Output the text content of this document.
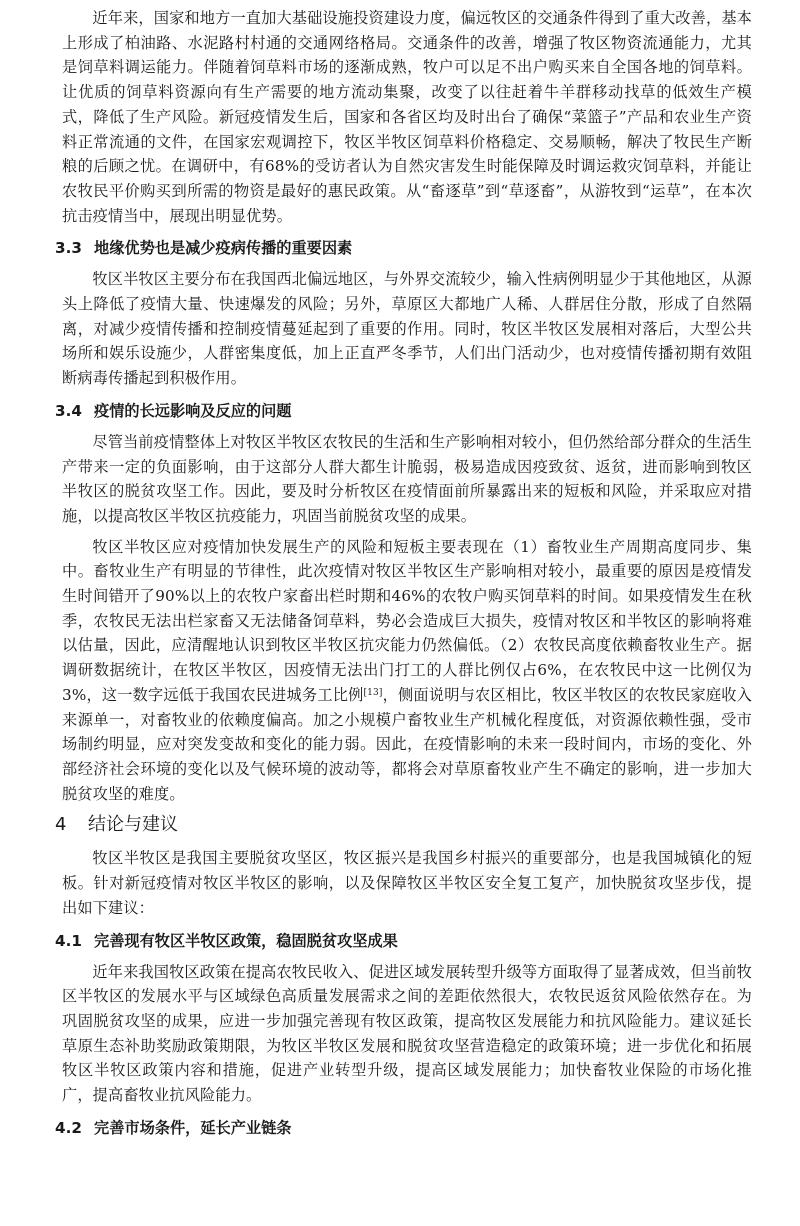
近年来，国家和地方一直加大基础设施投资建设力度，偏远牧区的交通条件得到了重大改善，基本上形成了柏油路、水泥路村村通的交通网络格局。交通条件的改善，增强了牧区物资流通能力，尤其是饲草料调运能力。伴随着饲草料市场的逐渐成熟，牧户可以足不出户购买来自全国各地的饲草料。让优质的饲草料资源向有生产需要的地方流动集聚，改变了以往赶着牛羊群移动找草的低效生产模式，降低了生产风险。新冠疫情发生后，国家和各省区均及时出台了确保“菜篮子”产品和农业生产资料正常流通的文件，在国家宏观调控下，牧区半牧区饲草料价格稳定、交易顺畅，解决了牧民生产断粮的后顾之忧。在调研中，有68%的受访者认为自然灾害发生时能保障及时调运救灾饲草料，并能让农牧民平价购买到所需的物资是最好的惠民政策。从“畜逐草”到“草逐畜”，从游牧到“运草”，在本次抗击疫情当中，展现出明显优势。

3.3 地缘优势也是减少疫病传播的重要因素

牧区半牧区主要分布在我国西北偏远地区，与外界交流较少，输入性病例明显少于其他地区，从源头上降低了疫情大量、快速爆发的风险；另外，草原区大都地广人稀、人群居住分散，形成了自然隔离，对减少疫情传播和控制疫情蔓延起到了重要的作用。同时，牧区半牧区发展相对落后，大型公共场所和娱乐设施少，人群密集度低，加上正直严冬季节，人们出门活动少，也对疫情传播初期有效阻断病毒传播起到积极作用。

3.4 疫情的长远影响及反应的问题

尽管当前疫情整体上对牧区半牧区农牧民的生活和生产影响相对较小，但仍然给部分群众的生活生产带来一定的负面影响，由于这部分人群大都生计脆弱，极易造成因疫致贫、返贫，进而影响到牧区半牧区的脱贫攻坚工作。因此，要及时分析牧区在疫情面前所暴露出来的短板和风险，并采取应对措施，以提高牧区半牧区抗疫能力，巩固当前脱贫攻坚的成果。

牧区半牧区应对疫情加快发展生产的风险和短板主要表现在（1）畜牧业生产周期高度同步、集中。畜牧业生产有明显的节律性，此次疫情对牧区半牧区生产影响相对较小，最重要的原因是疫情发生时间错开了90%以上的农牧户家畜出栏时期和46%的农牧户购买饲草料的时间。如果疫情发生在秋季，农牧民无法出栏家畜又无法储备饲草料，势必会造成巨大损失，疫情对牧区和半牧区的影响将难以估量，因此，应清醒地认识到牧区半牧区抗灾能力仍然偏低。（2）农牧民高度依赖畜牧业生产。据调研数据统计，在牧区半牧区，因疫情无法出门打工的人群比例仅占6%，在农牧民中这一比例仅为3%，这一数字远低于我国农民进城务工比例[13]，侧面说明与农区相比，牧区半牧区的农牧民家庭收入来源单一，对畜牧业的依赖度偏高。加之小规模户畜牧业生产机械化程度低，对资源依赖性强，受市场制约明显，应对突发变故和变化的能力弱。因此，在疫情影响的未来一段时间内，市场的变化、外部经济社会环境的变化以及气候环境的波动等，都将会对草原畜牧业产生不确定的影响，进一步加大脱贫攻坚的难度。

4 结论与建议

牧区半牧区是我国主要脱贫攻坚区，牧区振兴是我国乡村振兴的重要部分，也是我国城镇化的短板。针对新冠疫情对牧区半牧区的影响，以及保障牧区半牧区安全复工复产，加快脱贫攻坚步伐，提出如下建议：

4.1 完善现有牧区半牧区政策，稳固脱贫攻坚成果

近年来我国牧区政策在提高农牧民收入、促进区域发展转型升级等方面取得了显著成效，但当前牧区半牧区的发展水平与区域绿色高质量发展需求之间的差距依然很大，农牧民返贫风险依然存在。为巩固脱贫攻坚的成果，应进一步加强完善现有牧区政策，提高牧区发展能力和抗风险能力。建议延长草原生态补助奖励政策期限，为牧区半牧区发展和脱贫攻坚营造稳定的政策环境；进一步优化和拓展牧区半牧区政策内容和措施，促进产业转型升级，提高区域发展能力；加快畜牧业保险的市场化推广，提高畜牧业抗风险能力。

4.2 完善市场条件，延长产业链条
